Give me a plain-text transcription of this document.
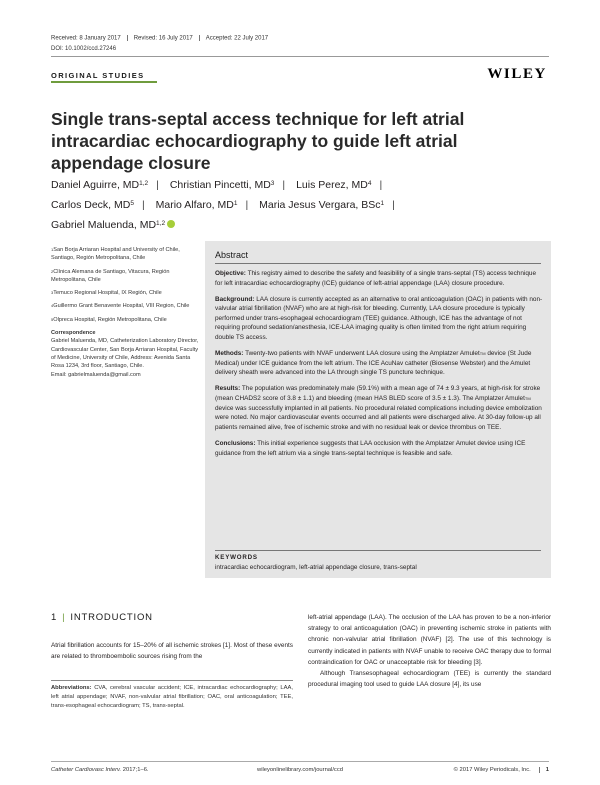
Received: 8 January 2017 Revised: 16 July 2017 Accepted: 22 July 2017
DOI: 10.1002/ccd.27246
ORIGINAL STUDIES	WILEY
Single trans-septal access technique for left atrial intracardiac echocardiography to guide left atrial appendage closure
Daniel Aguirre, MD$^{1,2}$ | Christian Pincetti, $MD^3$ | Luis Perez, $MD^4$ |
Carlos Deck, $MD^5$ | Mario Alfaro, $MD^1$ | Maria Jesus Vergara, BSc$^1$ |
Gabriel Maluenda, MD$^{1,2}$
$^1$San Borja Arriaran Hospital and University of Chile, Santiago, Región Metropolitana, Chile
$^2$Clínica Alemana de Santiago, Vitacura, Región Metropolitana, Chile
$^3$Temuco Regional Hospital, IX Región, Chile
$^4$Guillermo Grant Benavente Hospital, VIII Region, Chile
$^5$Olpreca Hospital, Región Metropolitana, Chile
Correspondence
Gabriel Maluenda, MD, Catheterization Laboratory Director, Cardiovascular Center, San Borja Arriaran Hospital, Faculty of Medicine, University of Chile, Address: Avenida Santa Rosa 1234, 3rd floor, Santiago, Chile.
Email: gabrielmaluenda@gmail.com
Abstract

Objective: This registry aimed to describe the safety and feasibility of a single trans-septal (TS) access technique for left intracardiac echocardiography (ICE) guidance of left-atrial appendage (LAA) closure procedure.

Background: LAA closure is currently accepted as an alternative to oral anticoagulation (OAC) in patients with non-valvular atrial fibrillation (NVAF) who are at high-risk for bleeding. Currently, LAA closure procedure is typically performed under trans-esophageal echocardiogram (TEE) guidance. Although, ICE has the advantage of not requiring profound sedation/anesthesia, ICE-LAA imaging quality is often limited from the right atrium requiring double TS access.

Methods: Twenty-two patients with NVAF underwent LAA closure using the Amplatzer Amulet™ device (St Jude Medical) under ICE guidance from the left atrium. The ICE AcuNav catheter (Biosense Webster) and the Amulet delivery sheath were advanced into the LA through single TS puncture technique.

Results: The population was predominately male (59.1%) with a mean age of 74 ± 9.3 years, at high-risk for stroke (mean CHADS2 score of 3.8 ± 1.1) and bleeding (mean HAS BLED score of 3.5 ± 1.3). The Amplatzer Amulet™ device was successfully implanted in all patients. No procedural related complications including device embolization were noted. No major cardiovascular events occurred and all patients were discharged alive. At 30-day follow-up all patients remained alive, free of ischemic stroke and with no residual leak or device thrombus on TEE.

Conclusions: This initial experience suggests that LAA occlusion with the Amplatzer Amulet device using ICE guidance from the left atrium via a single trans-septal technique is feasible and safe.

KEYWORDS
intracardiac echocardiogram, left-atrial appendage closure, trans-septal
1 | INTRODUCTION
Atrial fibrillation accounts for 15–20% of all ischemic strokes [1]. Most of these events are related to thromboembolic sources rising from the
Abbreviations: CVA, cerebral vascular accident; ICE, intracardiac echocardiography; LAA, left atrial appendage; NVAF, non-valvular atrial fibrillation; OAC, oral anticoagulation; TEE, trans-esophageal echocardiogram; TS, trans-septal.

left-atrial appendage (LAA). The occlusion of the LAA has proven to be a non-inferior strategy to oral anticoagulation (OAC) in preventing ischemic stroke in patients with chronic non-valvular atrial fibrillation (NVAF) [2]. The use of this technology is currently indicated in patients with NVAF unable to receive OAC therapy due to formal contraindication for OAC or unacceptable risk for bleeding [3].

Although Transesophageal echocardiogram (TEE) is currently the standard procedural imaging tool used to guide LAA closure [4], its use

Catheter Cardiovasc Interv. 2017;1–6.	wileyonlinelibrary.com/journal/ccd	© 2017 Wiley Periodicals, Inc.	1
